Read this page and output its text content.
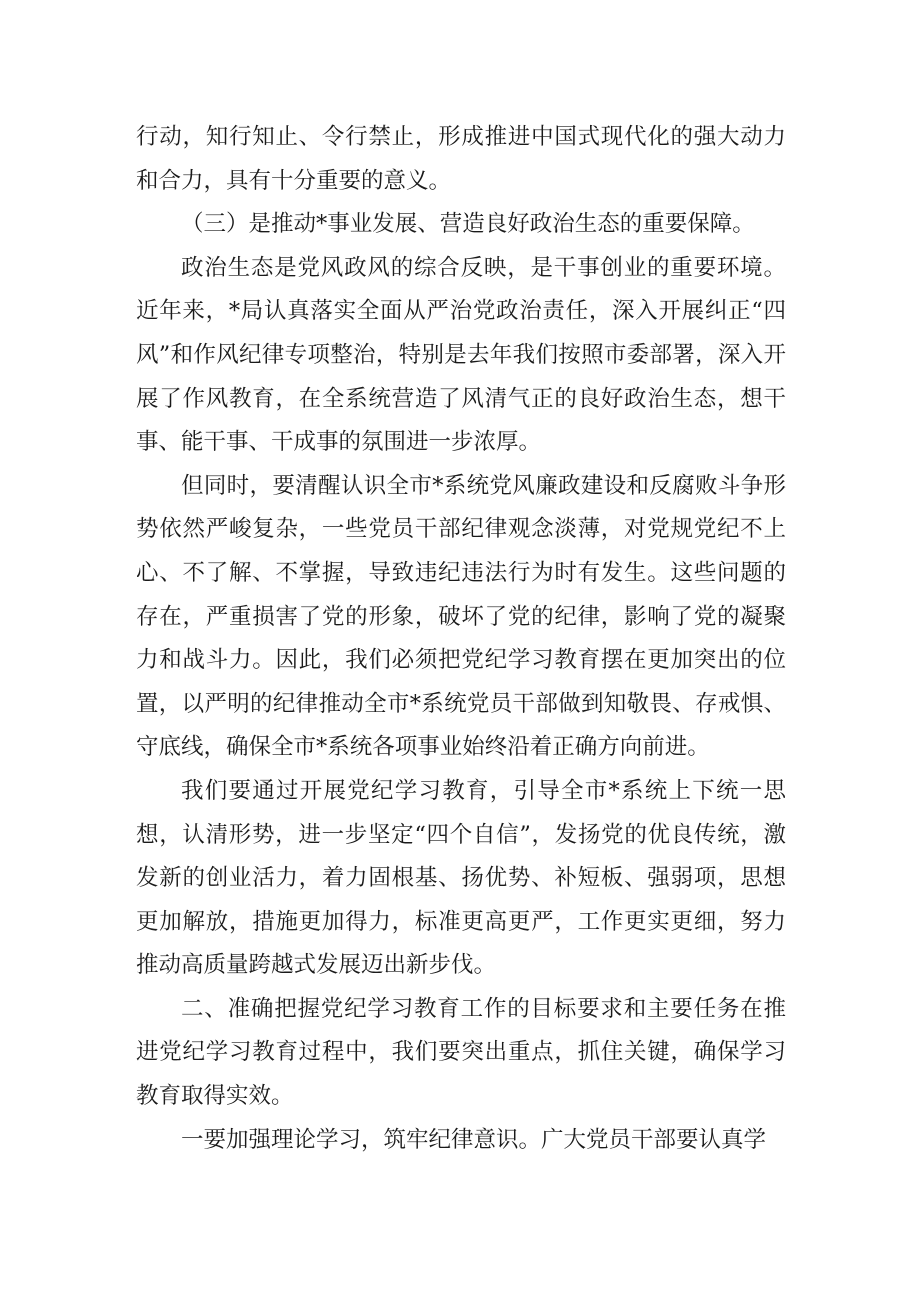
行动，知行知止、令行禁止，形成推进中国式现代化的强大动力和合力，具有十分重要的意义。

（三）是推动*事业发展、营造良好政治生态的重要保障。

政治生态是党风政风的综合反映，是干事创业的重要环境。近年来，*局认真落实全面从严治党政治责任，深入开展纠正“四风”和作风纪律专项整治，特别是去年我们按照市委部署，深入开展了作风教育，在全系统营造了风清气正的良好政治生态，想干事、能干事、干成事的氛围进一步浓厚。

但同时，要清醒认识全市*系统党风廉政建设和反腐败斗争形势依然严峻复杂，一些党员干部纪律观念淡薄，对党规党纪不上心、不了解、不掌握，导致违纪违法行为时有发生。这些问题的存在，严重损害了党的形象，破坏了党的纪律，影响了党的凝聚力和战斗力。因此，我们必须把党纪学习教育摆在更加突出的位置，以严明的纪律推动全市*系统党员干部做到知敬畏、存戒惧、守底线，确保全市*系统各项事业始终沿着正确方向前进。

我们要通过开展党纪学习教育，引导全市*系统上下统一思想，认清形势，进一步坚定“四个自信”，发扬党的优良传统，激发新的创业活力，着力固根基、扬优势、补短板、强弱项，思想更加解放，措施更加得力，标准更高更严，工作更实更细，努力推动高质量跨越式发展迈出新步伐。

二、准确把握党纪学习教育工作的目标要求和主要任务在推进党纪学习教育过程中，我们要突出重点，抓住关键，确保学习教育取得实效。

一要加强理论学习，筑牢纪律意识。广大党员干部要认真学
